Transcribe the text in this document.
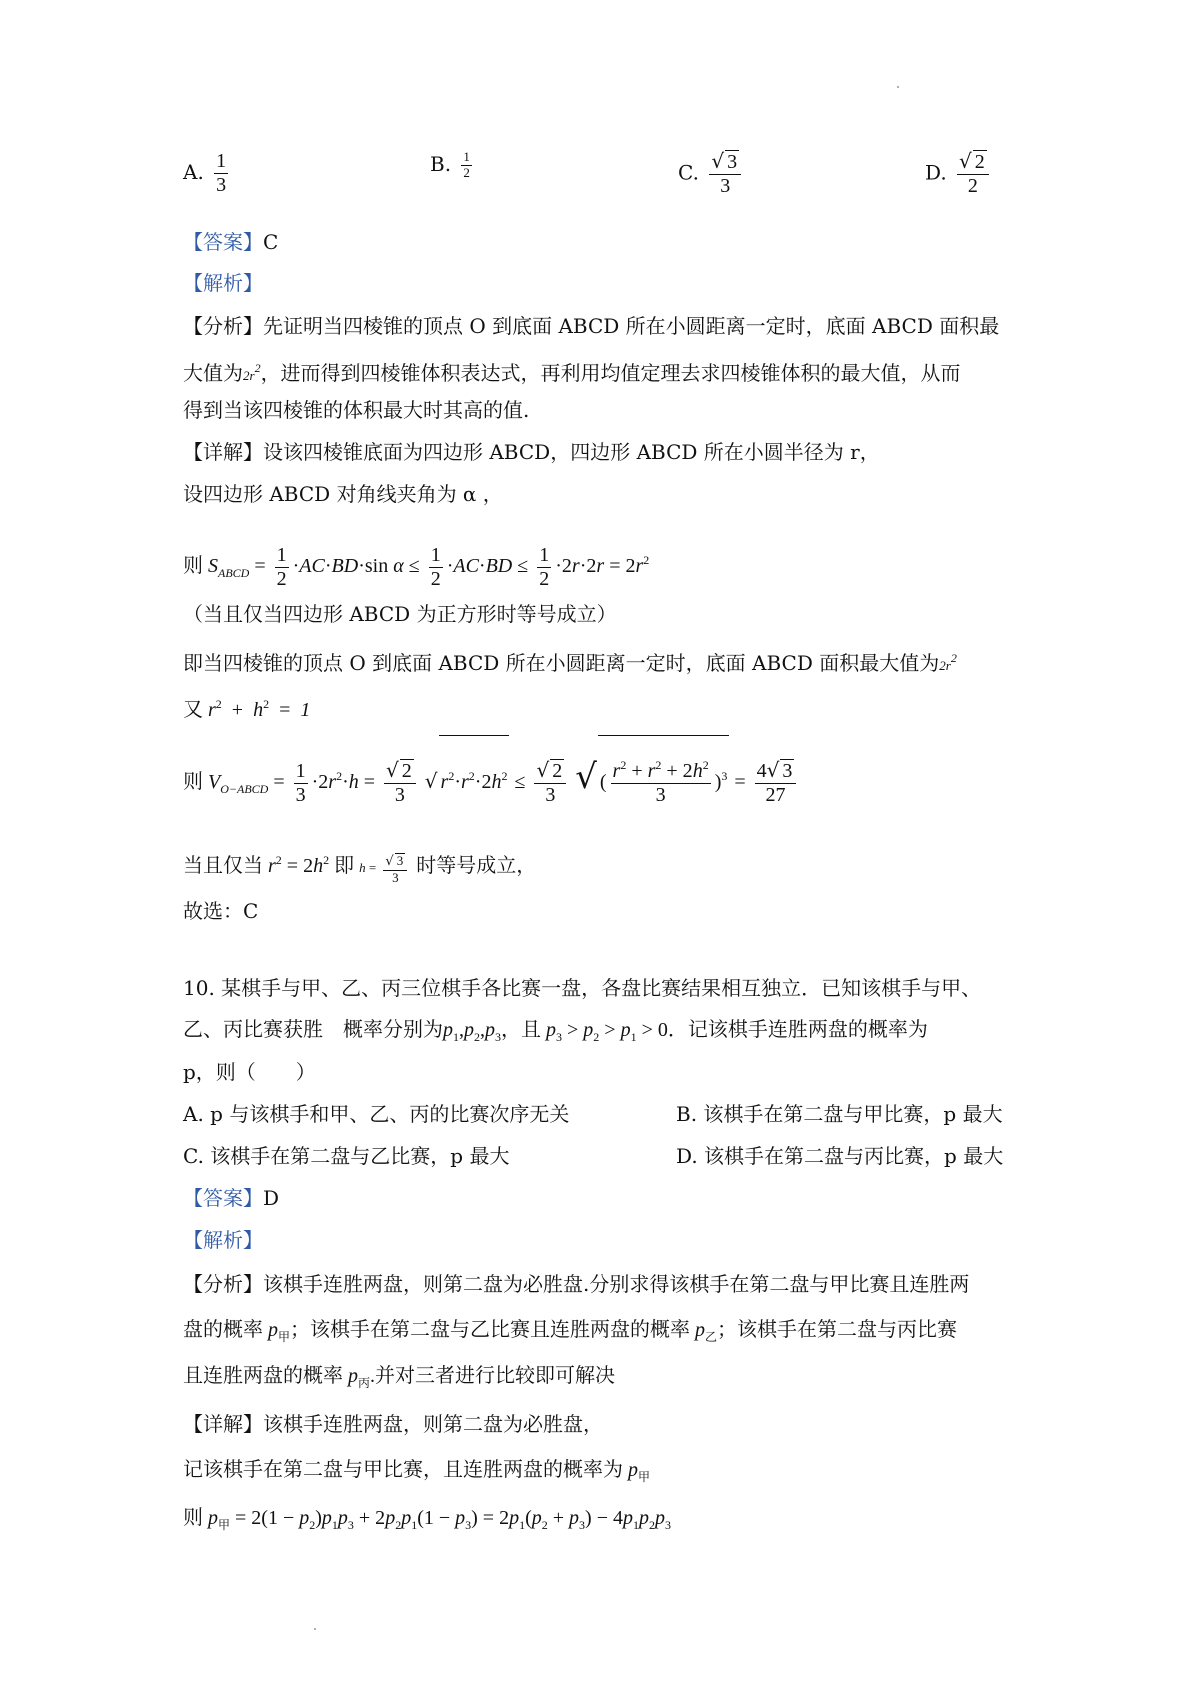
A. $\frac{1}{3}$	B. $\frac{1}{2}$	C. $\frac{√ 3}{3}$	D. $\frac{√ 2}{2}$
【答案】C
【解析】
【分析】先证明当四棱锥的顶点 O 到底面 ABCD 所在小圆距离一定时，底面 ABCD 面积最
大值为$2r^2$，进而得到四棱锥体积表达式，再利用均值定理去求四棱锥体积的最大值，从而
得到当该四棱锥的体积最大时其高的值.
【详解】设该四棱锥底面为四边形 ABCD，四边形 ABCD 所在小圆半径为 r，
设四边形 ABCD 对角线夹角为 α ，
则 $S_{ABCD} = \frac{1}{2} \cdot AC\cdot BD\cdot\sin$ $\alpha \le \frac{1}{2} \cdot AC\cdot BD \le \frac{1}{2} \cdot 2r\cdot 2r = 2r^2$
（当且仅当四边形 ABCD 为正方形时等号成立）
即当四棱锥的顶点 O 到底面 ABCD 所在小圆距离一定时，底面 ABCD 面积最大值为$2r^2$
又 $r^2 + h^2 = 1$
则 $V_{O-ABCD} = \frac{1}{3} \cdot 2r^2\cdot h = \frac{√ 2}{3}$ √ $r^2\cdot r^2\cdot 2h^2 \le \frac{√ 2}{3}$ √ ( $\frac{r^2 + r^2 + 2h^2}{3} )^3 = \frac{4√ 3}{27}$
当且仅当 $r^2 = 2h^2$ 即 $h = \frac{√ 3}{3}$ 时等号成立，
故选：C
10. 某棋手与甲、乙、丙三位棋手各比赛一盘，各盘比赛结果相互独立．已知该棋手与甲、
乙、丙比赛获胜　概率分别为$p_1,p_2,p_3$，且 $p_3 > p_2 > p_1 > 0$．记该棋手连胜两盘的概率为
p，则（　　）
A. p 与该棋手和甲、乙、丙的比赛次序无关	B. 该棋手在第二盘与甲比赛，p 最大
C. 该棋手在第二盘与乙比赛，p 最大	D. 该棋手在第二盘与丙比赛，p 最大
【答案】D
【解析】
【分析】该棋手连胜两盘，则第二盘为必胜盘.分别求得该棋手在第二盘与甲比赛且连胜两
盘的概率 $p_甲$；该棋手在第二盘与乙比赛且连胜两盘的概率 $p_乙$；该棋手在第二盘与丙比赛
且连胜两盘的概率 $p_丙$.并对三者进行比较即可解决
【详解】该棋手连胜两盘，则第二盘为必胜盘，
记该棋手在第二盘与甲比赛，且连胜两盘的概率为 $p_甲$
则 $p_甲 = 2(1 - p_2)p_1p_3 + 2p_2p_1(1 - p_3) = 2p_1(p_2 + p_3) - 4p_1p_2p_3$
